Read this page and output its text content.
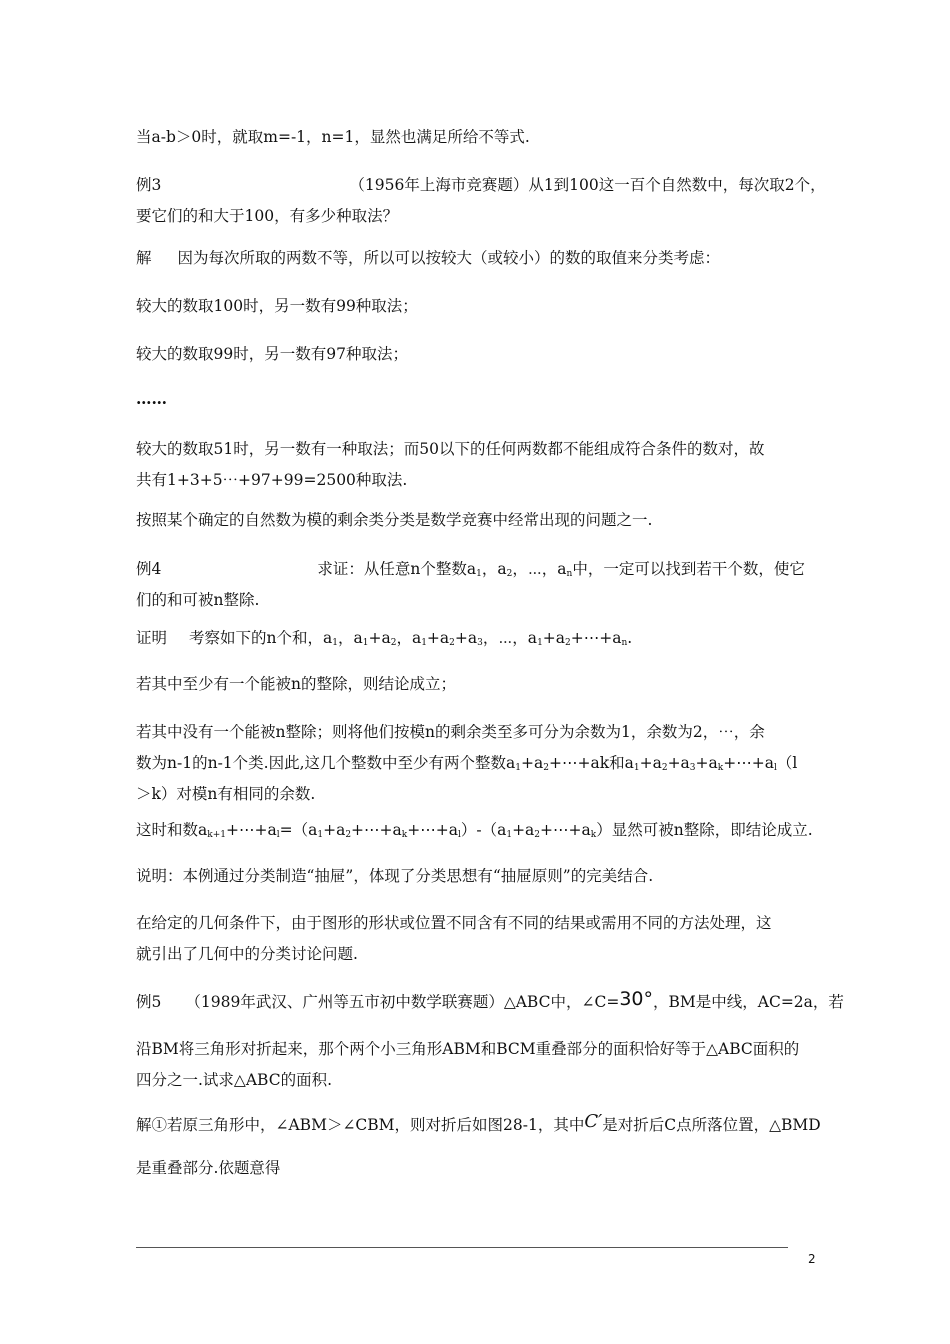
当a-b＞0时，就取m=-1，n=1，显然也满足所给不等式.

例3	（1956年上海市竞赛题）从1到100这一百个自然数中，每次取2个，

要它们的和大于100，有多少种取法？

解 因为每次所取的两数不等，所以可以按较大（或较小）的数的取值来分类考虑：
较大的数取100时，另一数有99种取法；
较大的数取99时，另一数有97种取法；
……

较大的数取51时，另一数有一种取法；而50以下的任何两数都不能组成符合条件的数对，故

共有1+3+5⋯+97+99=2500种取法.

按照某个确定的自然数为模的剩余类分类是数学竞赛中经常出现的问题之一.

例4	求证：从任意n个整数$a_1$，$a_2$，⋯，$a_n$中，一定可以找到若干个数，使它

们的和可被n整除.

证明 考察如下的n个和，$a_1$，$a_1+a_2$，$a_1+a_2+a_3$，⋯，$a_1+a_2+\cdots+a_n$.
若其中至少有一个能被n的整除，则结论成立；

若其中没有一个能被n整除；则将他们按模n的剩余类至多可分为余数为1，余数为2，⋯，余

数为n-1的n-1个类.因此,这几个整数中至少有两个整数$a_1+a_2+\cdots+ak$和$a_1+a_2+a_3+a_k+\cdots+a_l(l$

＞k）对模n有相同的余数.

这时和数$a_{k+1}+\cdots+a_l=(a_1+a_2+\cdots+a_k+\cdots+a_l)-(a_1+a_2+\cdots+a_k)$显然可被n整除，即结论成立.
说明：本例通过分类制造“抽屉”，体现了分类思想有“抽屉原则”的完美结合.

在给定的几何条件下，由于图形的形状或位置不同含有不同的结果或需用不同的方法处理，这

就引出了几何中的分类讨论问题.

例5 （1989年武汉、广州等五市初中数学联赛题）△ABC中，∠C=30°，BM是中线，AC=2a，若

沿BM将三角形对折起来，那个两个小三角形ABM和BCM重叠部分的面积恰好等于△ABC面积的

四分之一.试求△ABC的面积.

解①若原三角形中，∠ABM＞∠CBM，则对折后如图28-1，其中C′是对折后C点所落位置，△BMD
是重叠部分.依题意得
2
